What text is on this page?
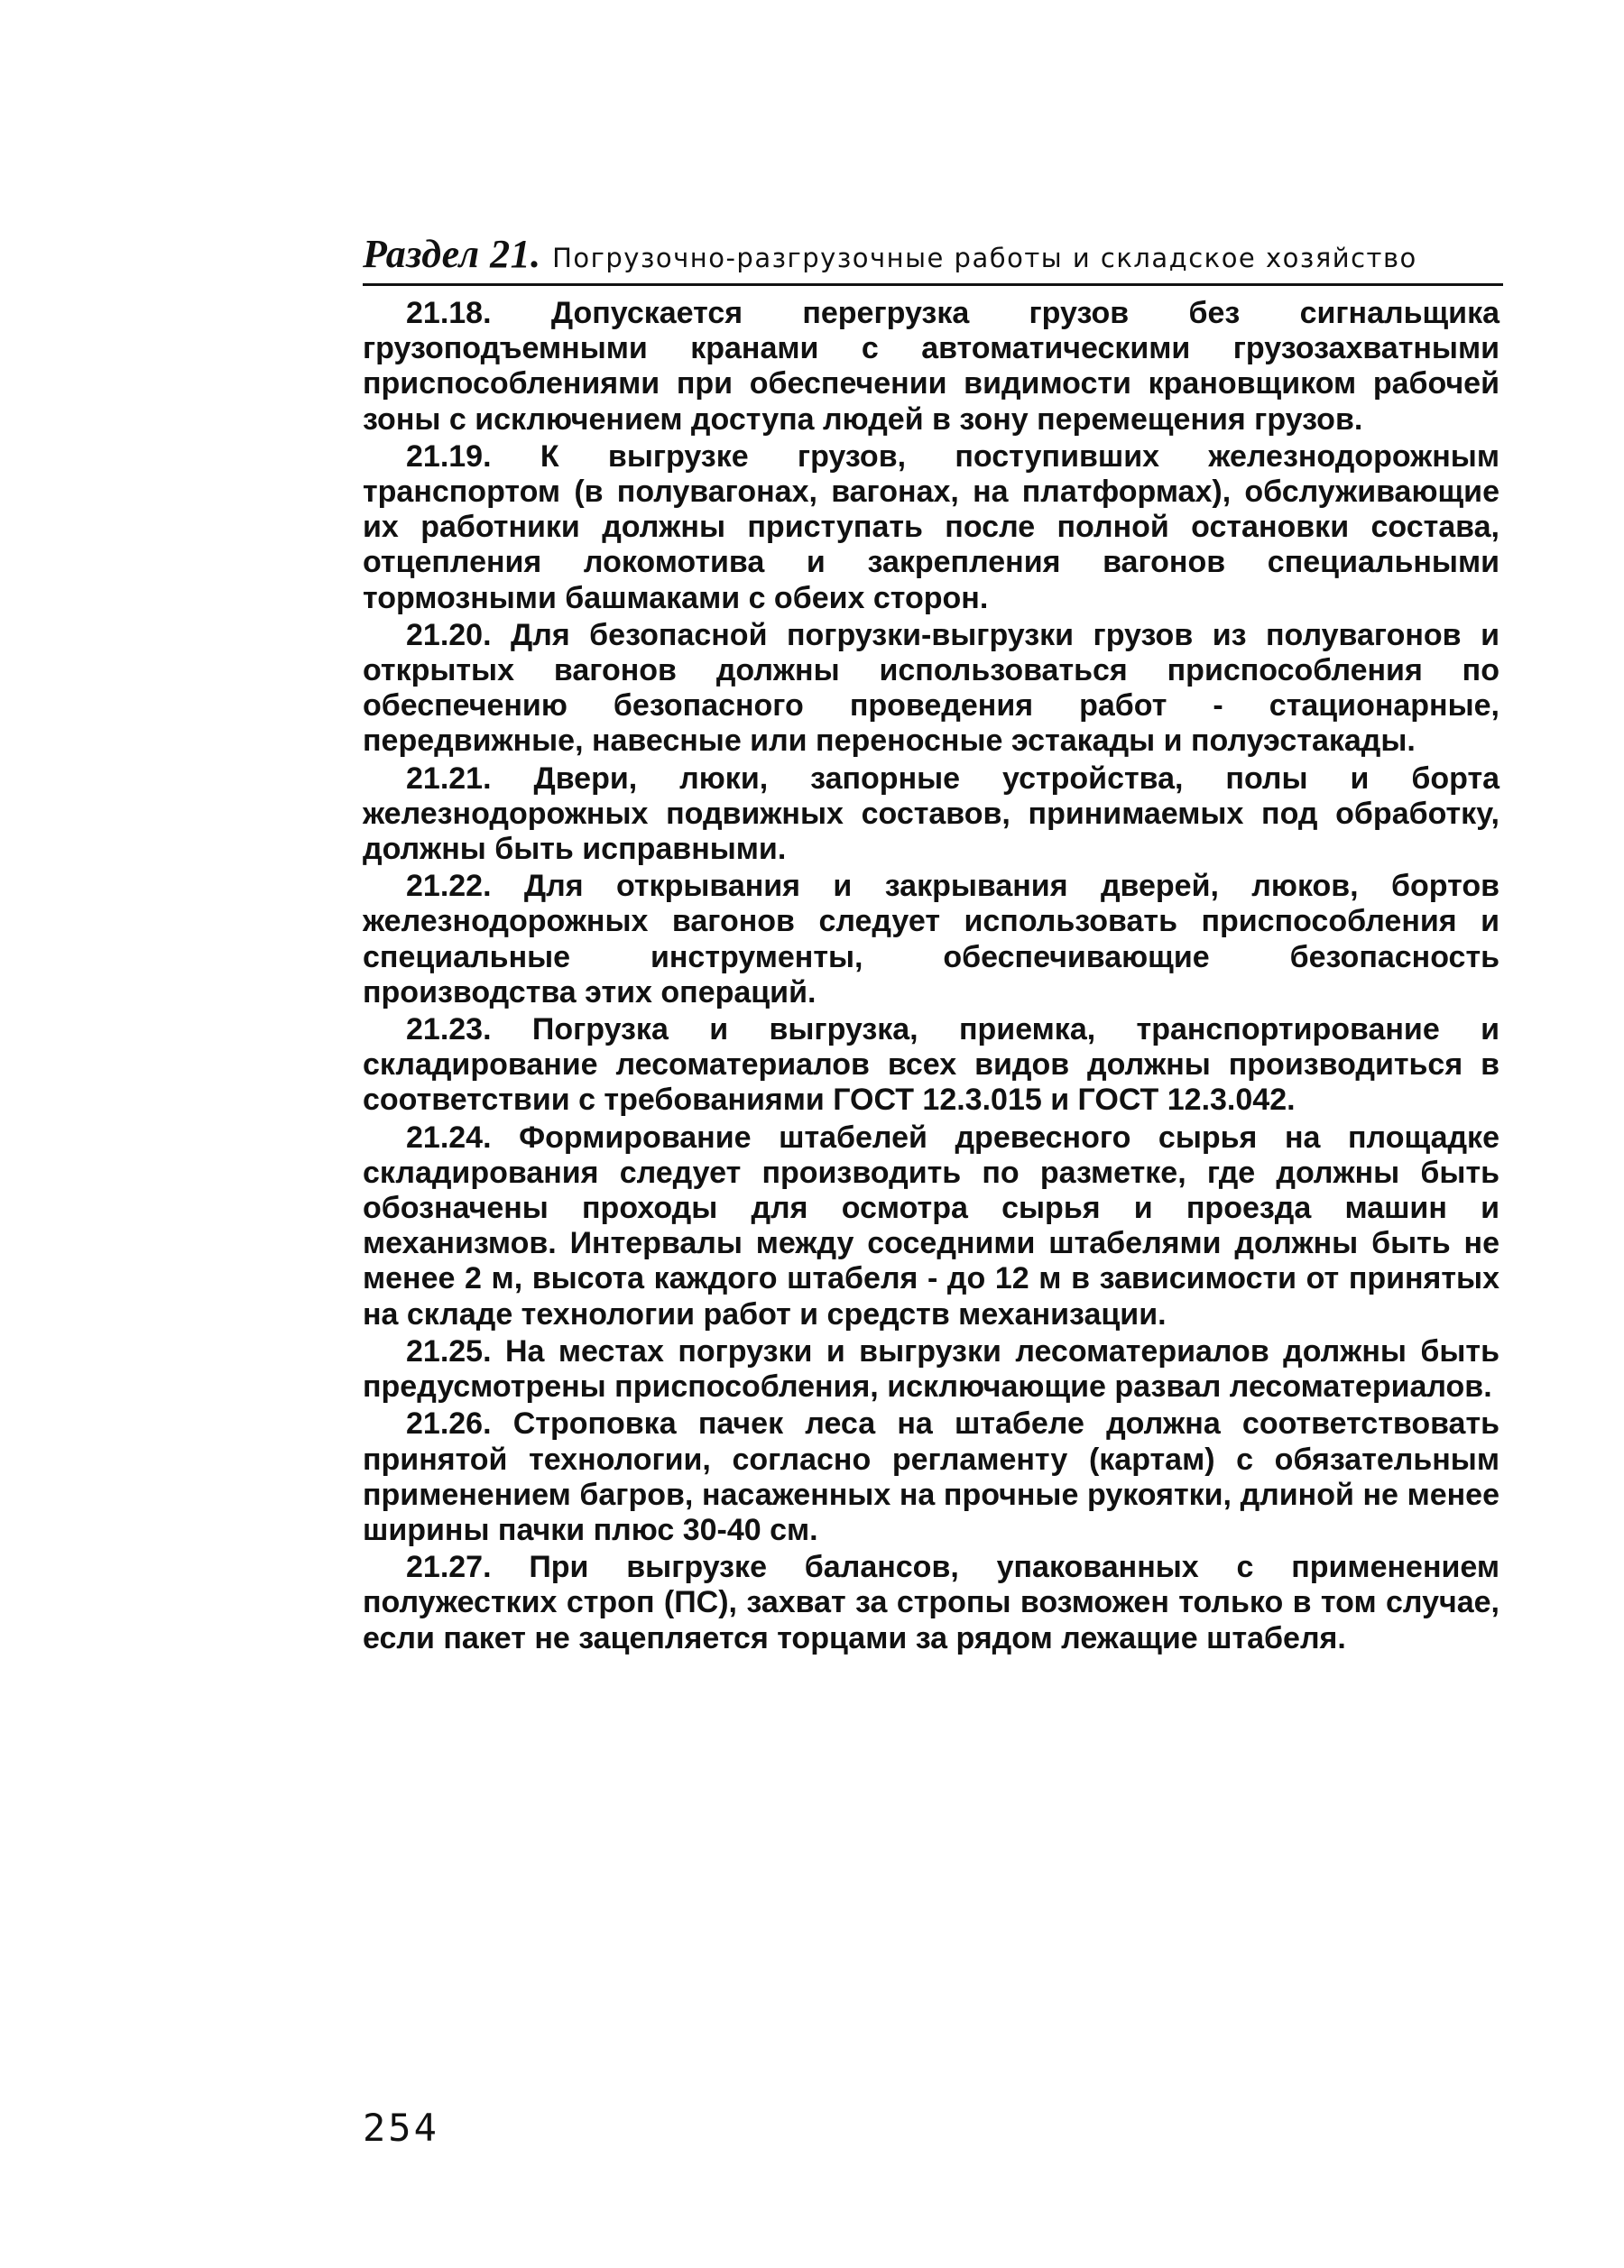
Раздел 21. Погрузочно-разгрузочные работы и складское хозяйство

21.18. Допускается перегрузка грузов без сигнальщика грузоподъемными кранами с автоматическими грузозахватными приспособлениями при обеспечении видимости крановщиком рабочей зоны с исключением доступа людей в зону перемещения грузов.

21.19. К выгрузке грузов, поступивших железнодорожным транспортом (в полувагонах, вагонах, на платформах), обслуживающие их работники должны приступать после полной остановки состава, отцепления локомотива и закрепления вагонов специальными тормозными башмаками с обеих сторон.

21.20. Для безопасной погрузки-выгрузки грузов из полувагонов и открытых вагонов должны использоваться приспособления по обеспечению безопасного проведения работ - стационарные, передвижные, навесные или переносные эстакады и полуэстакады.

21.21. Двери, люки, запорные устройства, полы и борта железнодорожных подвижных составов, принимаемых под обработку, должны быть исправными.

21.22. Для открывания и закрывания дверей, люков, бортов железнодорожных вагонов следует использовать приспособления и специальные инструменты, обеспечивающие безопасность производства этих операций.

21.23. Погрузка и выгрузка, приемка, транспортирование и складирование лесоматериалов всех видов должны производиться в соответствии с требованиями ГОСТ 12.3.015 и ГОСТ 12.3.042.

21.24. Формирование штабелей древесного сырья на площадке складирования следует производить по разметке, где должны быть обозначены проходы для осмотра сырья и проезда машин и механизмов. Интервалы между соседними штабелями должны быть не менее 2 м, высота каждого штабеля - до 12 м в зависимости от принятых на складе технологии работ и средств механизации.

21.25. На местах погрузки и выгрузки лесоматериалов должны быть предусмотрены приспособления, исключающие развал лесоматериалов.

21.26. Строповка пачек леса на штабеле должна соответствовать принятой технологии, согласно регламенту (картам) с обязательным применением багров, насаженных на прочные рукоятки, длиной не менее ширины пачки плюс 30-40 см.

21.27. При выгрузке балансов, упакованных с применением полужестких строп (ПС), захват за стропы возможен только в том случае, если пакет не зацепляется торцами за рядом лежащие штабеля.

254
